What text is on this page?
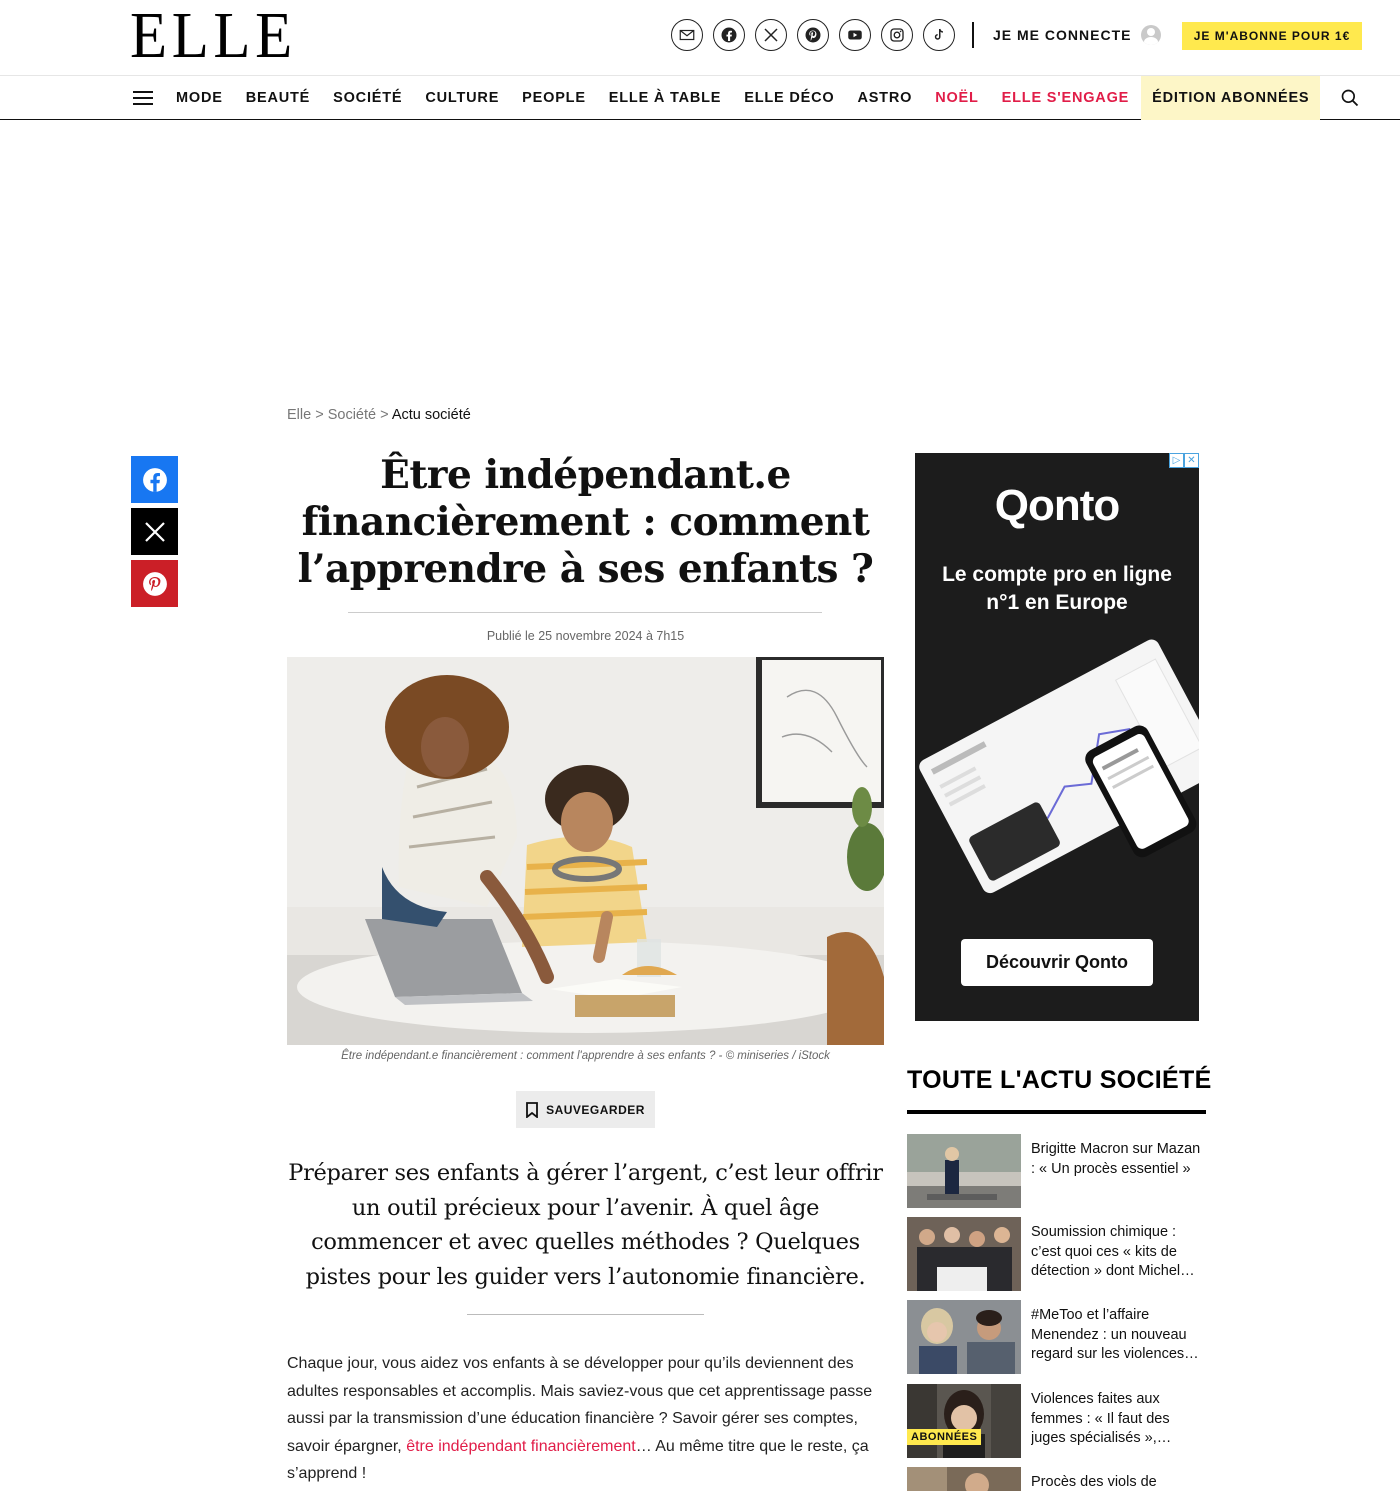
ELLE	JE ME CONNECTE	JE M'ABONNE POUR 1€
MODE BEAUTÉ SOCIÉTÉ CULTURE PEOPLE ELLE À TABLE ELLE DÉCO ASTRO NOËL ELLE S'ENGAGE	ÉDITION ABONNÉES
Elle > Société > Actu société
Être indépendant.e financièrement : comment l’apprendre à ses enfants ?
Publié le 25 novembre 2024 à 7h15
Être indépendant.e financièrement : comment l'apprendre à ses enfants ? - © miniseries / iStock
SAUVEGARDER

Préparer ses enfants à gérer l’argent, c’est leur offrir un outil précieux pour l’avenir. À quel âge commencer et avec quelles méthodes ? Quelques pistes pour les guider vers l’autonomie financière.

Chaque jour, vous aidez vos enfants à se développer pour qu’ils deviennent des adultes responsables et accomplis. Mais saviez-vous que cet apprentissage passe aussi par la transmission d’une éducation financière ? Savoir gérer ses comptes, savoir épargner, être indépendant financièrement… Au même titre que le reste, ça s’apprend !

▷ ✕
Qonto
Le compte pro en ligne n°1 en Europe
Découvrir Qonto
TOUTE L'ACTU SOCIÉTÉ
Brigitte Macron sur Mazan : « Un procès essentiel »
Soumission chimique : c’est quoi ces « kits de détection » dont Michel…
#MeToo et l’affaire Menendez : un nouveau regard sur les violences…
ABONNÉES
Violences faites aux femmes : « Il faut des juges spécialisés »,…
Procès des viols de
